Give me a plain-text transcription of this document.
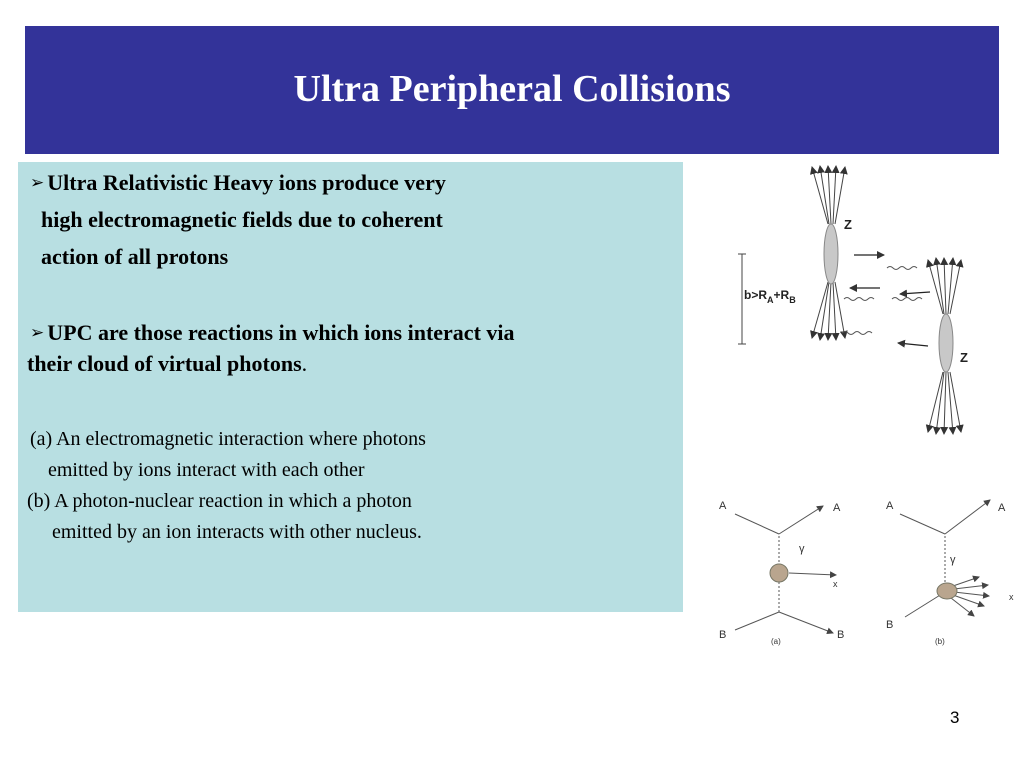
Ultra Peripheral Collisions
➢ Ultra Relativistic Heavy ions produce very
high electromagnetic fields due to coherent
action of all protons
➢ UPC are those reactions in which ions interact via
their cloud of virtual photons.
(a) An electromagnetic interaction where photons
emitted by ions interact with each other
(b) A photon-nuclear reaction in which a photon
emitted by an ion interacts with other nucleus.
Z
Z
$b>R_A+R_B$
A	A
γ
x
B	B
(a)
A	A
γ
x
B
(b)
3
